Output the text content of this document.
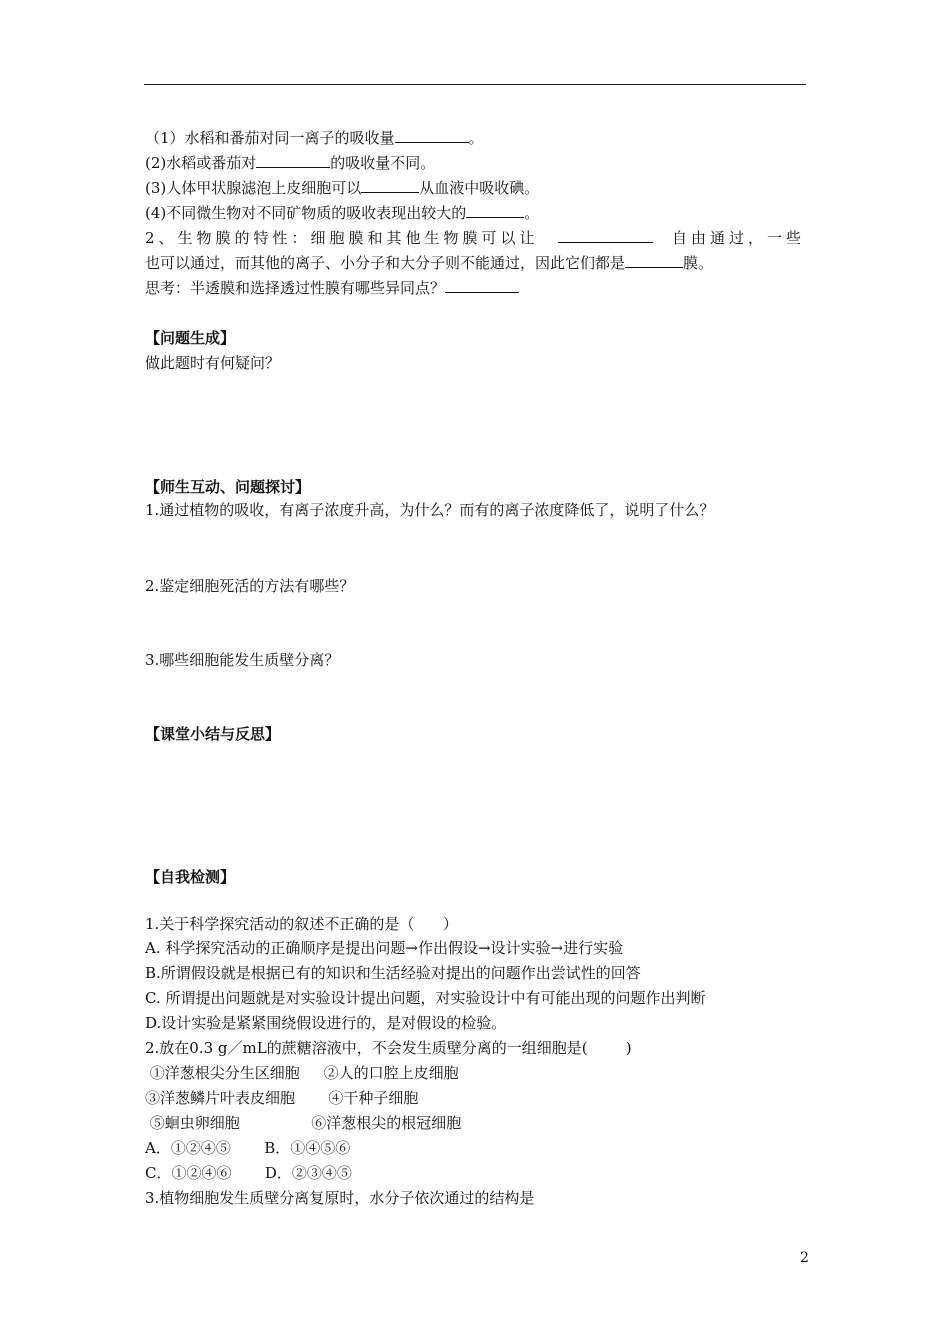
（1）水稻和番茄对同一离子的吸收量	。
(2)水稻或番茄对	的吸收量不同。
(3)人体甲状腺滤泡上皮细胞可以	从血液中吸收碘。
(4)不同微生物对不同矿物质的吸收表现出较大的	。
2、生物膜的特性：细胞膜和其他生物膜可以让	自由通过，一些
也可以通过，而其他的离子、小分子和大分子则不能通过，因此它们都是	膜。
思考：半透膜和选择透过性膜有哪些异同点？
【问题生成】
做此题时有何疑问？
【师生互动、问题探讨】
1.通过植物的吸收，有离子浓度升高，为什么？而有的离子浓度降低了，说明了什么？
2.鉴定细胞死活的方法有哪些？
3.哪些细胞能发生质壁分离？
【课堂小结与反思】
【自我检测】
1.关于科学探究活动的叙述不正确的是（      ）
A. 科学探究活动的正确顺序是提出问题→作出假设→设计实验→进行实验
B.所谓假设就是根据已有的知识和生活经验对提出的问题作出尝试性的回答
C. 所谓提出问题就是对实验设计提出问题，对实验设计中有可能出现的问题作出判断
D.设计实验是紧紧围绕假设进行的，是对假设的检验。
2.放在0.3 g／mL的蔗糖溶液中，不会发生质壁分离的一组细胞是(        )
①洋葱根尖分生区细胞     ②人的口腔上皮细胞
③洋葱鳞片叶表皮细胞       ④干种子细胞
⑤蛔虫卵细胞               ⑥洋葱根尖的根冠细胞
A．①②④⑤       B．①④⑤⑥
C．①②④⑥       D．②③④⑤
3.植物细胞发生质壁分离复原时，水分子依次通过的结构是
2
